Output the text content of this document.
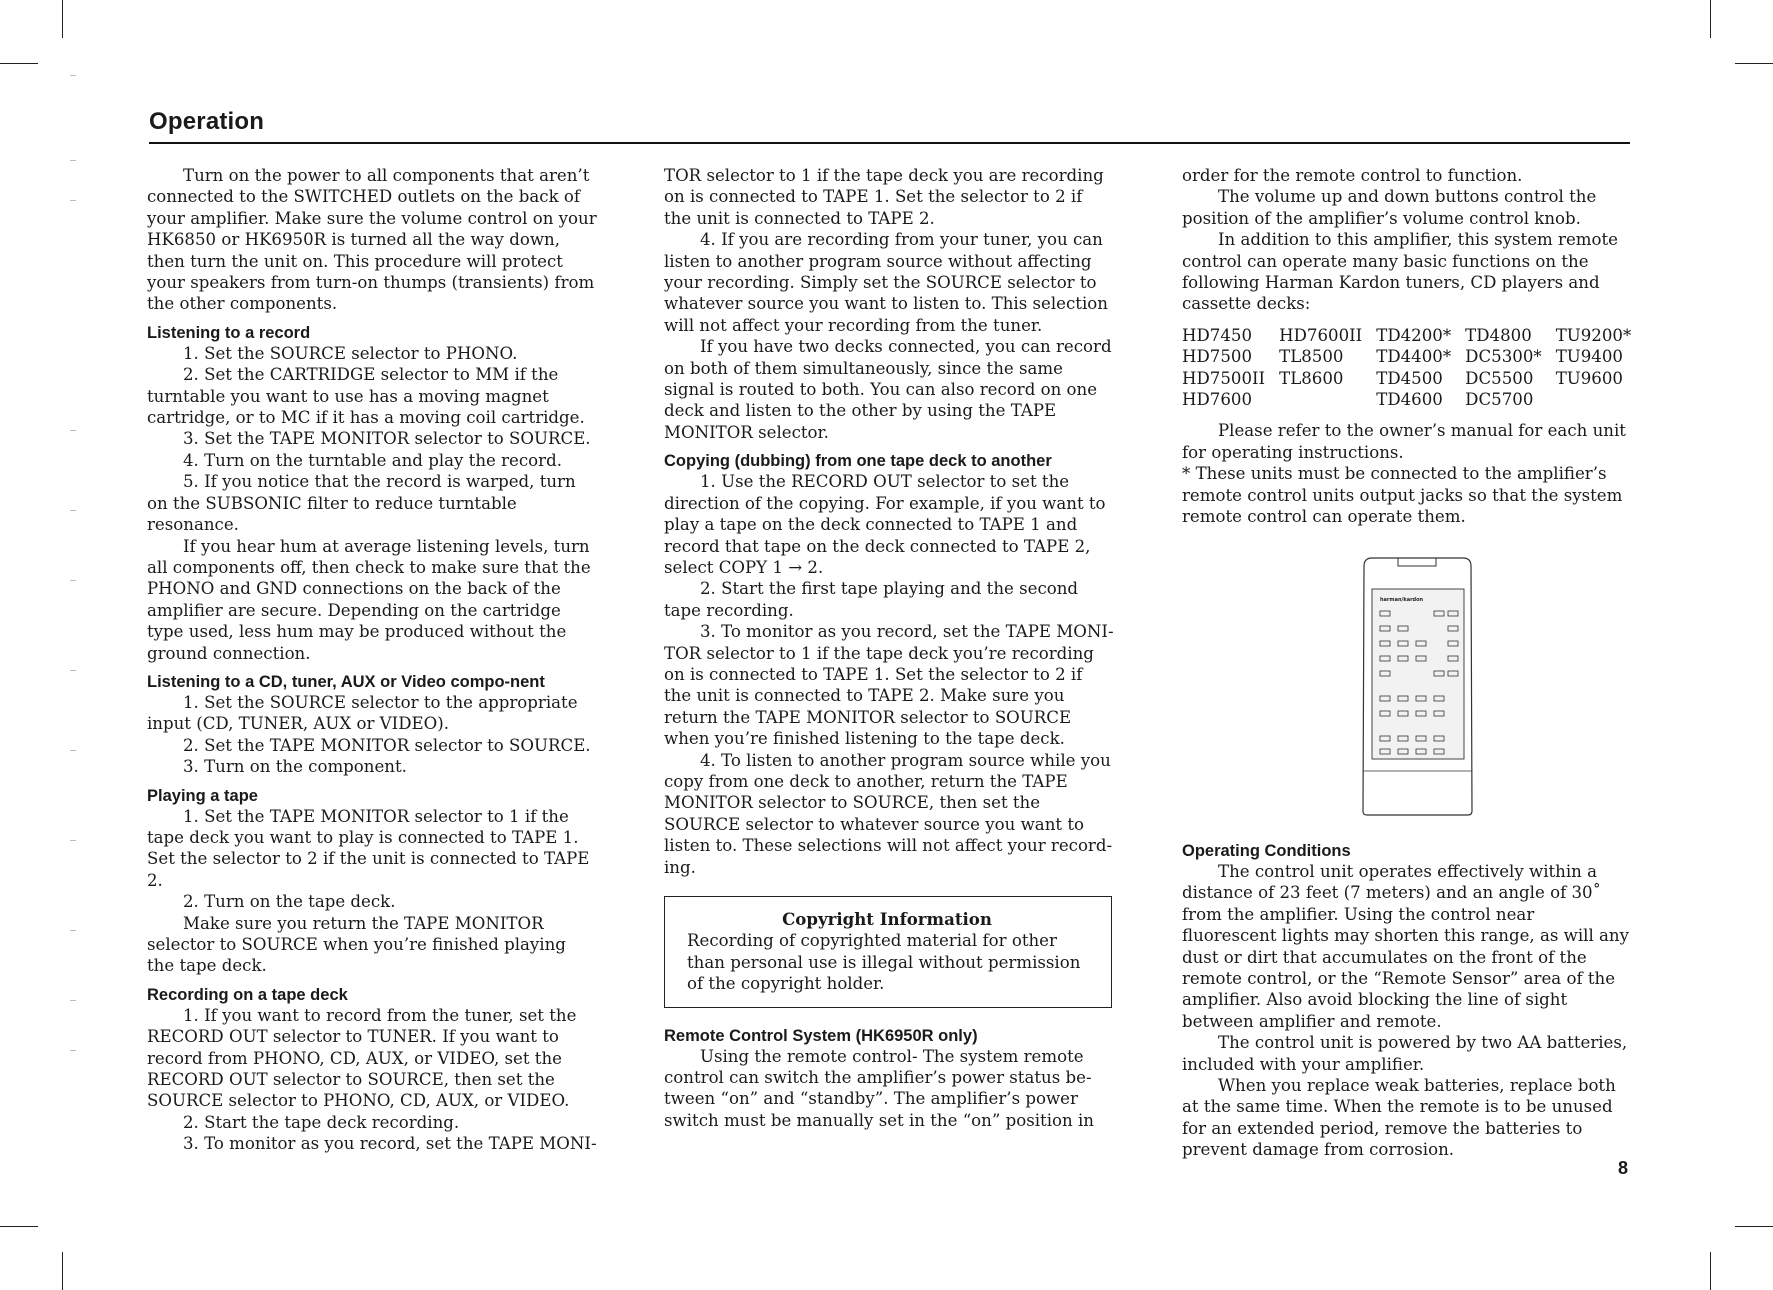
Operation

Turn on the power to all components that aren’t connected to the SWITCHED outlets on the back of your amplifier. Make sure the volume control on your HK6850 or HK6950R is turned all the way down, then turn the unit on. This procedure will protect your speakers from turn-on thumps (transients) from the other components.

Listening to a record

1. Set the SOURCE selector to PHONO.

2. Set the CARTRIDGE selector to MM if the turntable you want to use has a moving magnet cartridge, or to MC if it has a moving coil cartridge.

3. Set the TAPE MONITOR selector to SOURCE.

4. Turn on the turntable and play the record.

5. If you notice that the record is warped, turn on the SUBSONIC filter to reduce turntable resonance.

If you hear hum at average listening levels, turn all components off, then check to make sure that the PHONO and GND connections on the back of the amplifier are secure. Depending on the cartridge type used, less hum may be produced without the ground connection.

Listening to a CD, tuner, AUX or Video compo-nent

1. Set the SOURCE selector to the appropriate input (CD, TUNER, AUX or VIDEO).

2. Set the TAPE MONITOR selector to SOURCE.

3. Turn on the component.

Playing a tape

1. Set the TAPE MONITOR selector to 1 if the tape deck you want to play is connected to TAPE 1. Set the selector to 2 if the unit is connected to TAPE 2.

2. Turn on the tape deck.

Make sure you return the TAPE MONITOR selector to SOURCE when you’re finished playing the tape deck.

Recording on a tape deck

1. If you want to record from the tuner, set the RECORD OUT selector to TUNER. If you want to record from PHONO, CD, AUX, or VIDEO, set the RECORD OUT selector to SOURCE, then set the SOURCE selector to PHONO, CD, AUX, or VIDEO.

2. Start the tape deck recording.

3. To monitor as you record, set the TAPE MONI-

TOR selector to 1 if the tape deck you are recording on is connected to TAPE 1. Set the selector to 2 if the unit is connected to TAPE 2.

4. If you are recording from your tuner, you can listen to another program source without affecting your recording. Simply set the SOURCE selector to whatever source you want to listen to. This selection will not affect your recording from the tuner.

If you have two decks connected, you can record on both of them simultaneously, since the same signal is routed to both. You can also record on one deck and listen to the other by using the TAPE MONITOR selector.

Copying (dubbing) from one tape deck to another

1. Use the RECORD OUT selector to set the direction of the copying. For example, if you want to play a tape on the deck connected to TAPE 1 and record that tape on the deck connected to TAPE 2, select COPY 1 → 2.

2. Start the first tape playing and the second tape recording.

3. To monitor as you record, set the TAPE MONI-TOR selector to 1 if the tape deck you’re recording on is connected to TAPE 1. Set the selector to 2 if the unit is connected to TAPE 2. Make sure you return the TAPE MONITOR selector to SOURCE when you’re finished listening to the tape deck.

4. To listen to another program source while you copy from one deck to another, return the TAPE MONITOR selector to SOURCE, then set the SOURCE selector to whatever source you want to listen to. These selections will not affect your record-ing.

Copyright Information
Recording of copyrighted material for other than personal use is illegal without permission of the copyright holder.
Remote Control System (HK6950R only)

Using the remote control- The system remote control can switch the amplifier’s power status be-tween “on” and “standby”. The amplifier’s power switch must be manually set in the “on” position in

order for the remote control to function.

The volume up and down buttons control the position of the amplifier’s volume control knob.

In addition to this amplifier, this system remote control can operate many basic functions on the following Harman Kardon tuners, CD players and cassette decks:

HD7450	HD7600II	TD4200*	TD4800	TU9200*
HD7500	TL8500	TD4400*	DC5300*	TU9400
HD7500II	TL8600	TD4500	DC5500	TU9600
HD7600		TD4600	DC5700	

Please refer to the owner’s manual for each unit for operating instructions.

* These units must be connected to the amplifier’s remote control units output jacks so that the system remote control can operate them.

harman/kardon
Operating Conditions

The control unit operates effectively within a distance of 23 feet (7 meters) and an angle of 30˚ from the amplifier. Using the control near fluorescent lights may shorten this range, as will any dust or dirt that accumulates on the front of the remote control, or the “Remote Sensor” area of the amplifier. Also avoid blocking the line of sight between amplifier and remote.

The control unit is powered by two AA batteries, included with your amplifier.

When you replace weak batteries, replace both at the same time. When the remote is to be unused for an extended period, remove the batteries to prevent damage from corrosion.

8
